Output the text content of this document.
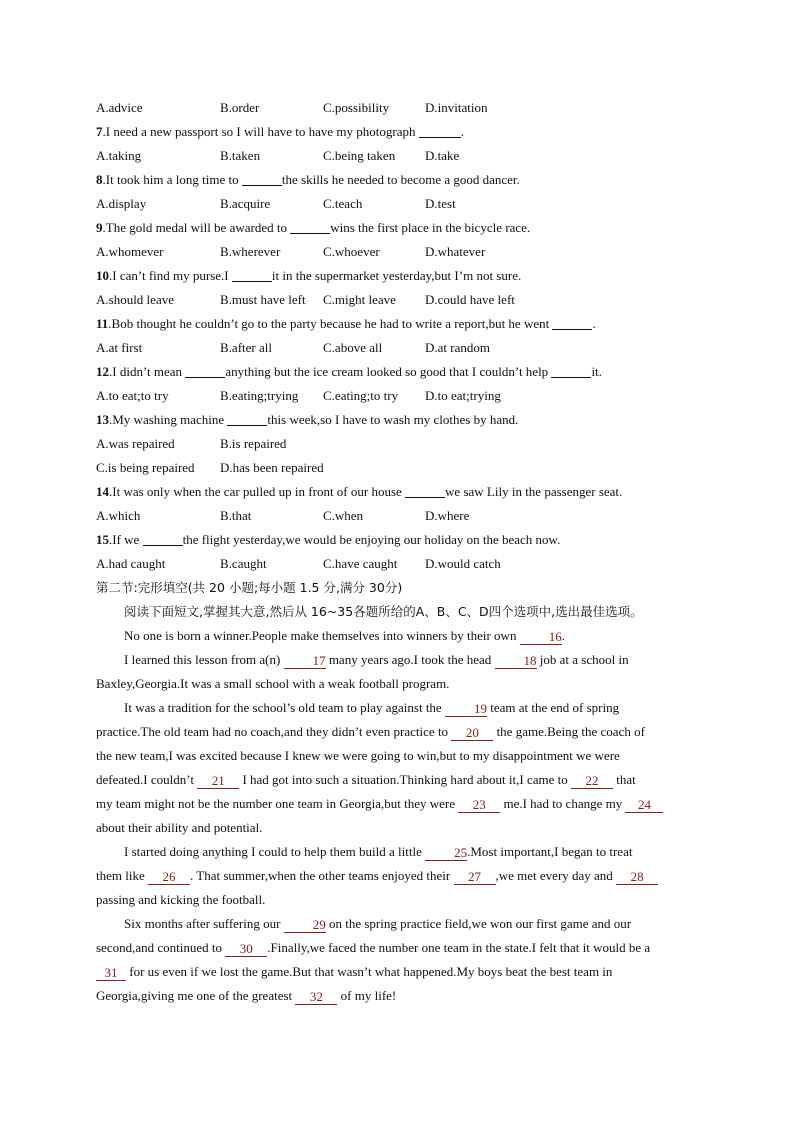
A.advice	B.order	C.possibility	D.invitation
7.I need a new passport so I will have to have my photograph	.
A.taking	B.taken	C.being taken D.take
8.It took him a long time to	the skills he needed to become a good dancer.
A.display	B.acquire	C.teach	D.test
9.The gold medal will be awarded to	wins the first place in the bicycle race.
A.whomever	B.wherever	C.whoever	D.whatever
10.I can’t find my purse.I	it in the supermarket yesterday,but I’m not sure.
A.should leave	B.must have left C.might leave D.could have left
11.Bob thought he couldn’t go to the party because he had to write a report,but he went	.
A.at first	B.after all	C.above all	D.at random
12.I didn’t mean	anything but the ice cream looked so good that I couldn’t help	it.
A.to eat;to try	B.eating;trying C.eating;to try D.to eat;trying
13.My washing machine	this week,so I have to wash my clothes by hand.
A.was repaired	B.is repaired
C.is being repaired D.has been repaired
14.It was only when the car pulled up in front of our house	we saw Lily in the passenger seat.
A.which	B.that	C.when	D.where
15.If we	the flight yesterday,we would be enjoying our holiday on the beach now.
A.had caught	B.caught	C.have caught D.would catch
第二节:完形填空(共 20 小题;每小题 1.5 分,满分 30分)
阅读下面短文,掌握其大意,然后从 16~35各题所给的A、B、C、D四个选项中,选出最佳选项。
No one is born a winner.People make themselves into winners by their own 16.
I learned this lesson from a(n) 17 many years ago.I took the head 18 job at a school in
Baxley,Georgia.It was a small school with a weak football program.
It was a tradition for the school’s old team to play against the 19 team at the end of spring
practice.The old team had no coach,and they didn’t even practice to 20 the game.Being the coach of
the new team,I was excited because I knew we were going to win,but to my disappointment we were
defeated.I couldn’t 21 I had got into such a situation.Thinking hard about it,I came to 22 that
my team might not be the number one team in Georgia,but they were 23 me.I had to change my 24
about their ability and potential.
I started doing anything I could to help them build a little 25.Most important,I began to treat
them like 26 . That summer,when the other teams enjoyed their 27 ,we met every day and 28
passing and kicking the football.
Six months after suffering our 29 on the spring practice field,we won our first game and our
second,and continued to 30 .Finally,we faced the number one team in the state.I felt that it would be a
31 for us even if we lost the game.But that wasn’t what happened.My boys beat the best team in
Georgia,giving me one of the greatest 32 of my life!
